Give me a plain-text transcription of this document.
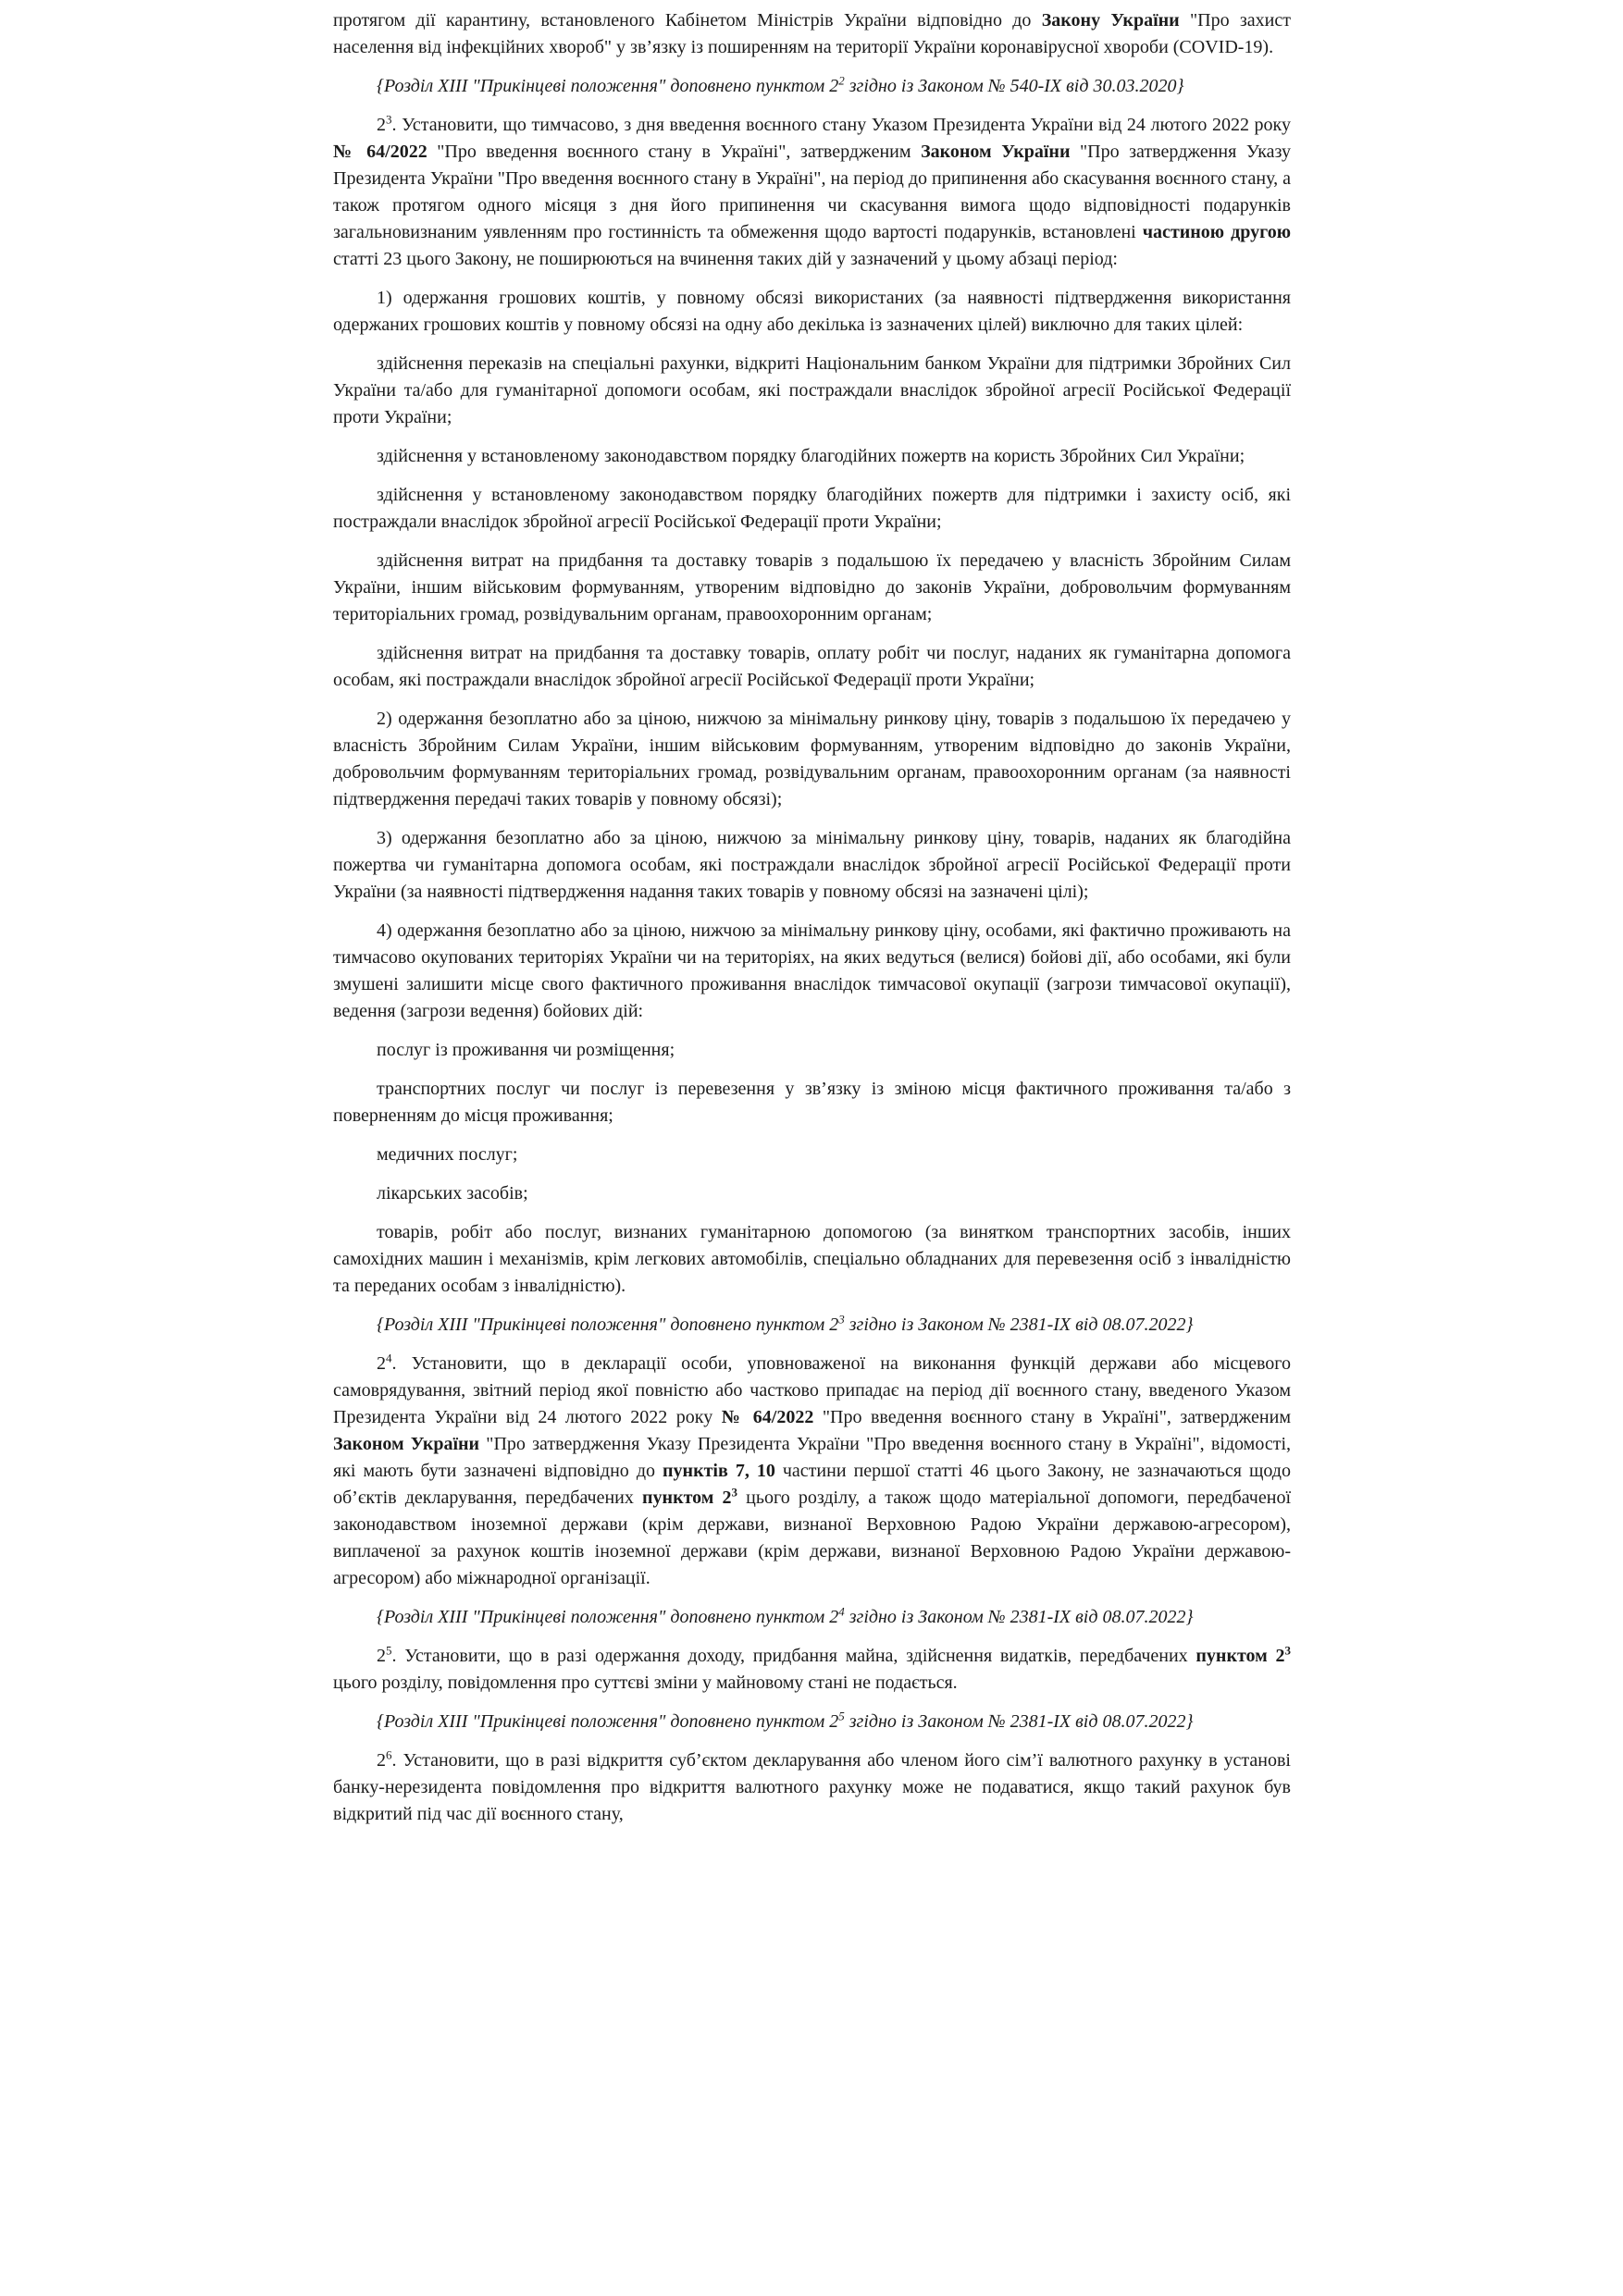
протягом дії карантину, встановленого Кабінетом Міністрів України відповідно до Закону України "Про захист населення від інфекційних хвороб" у зв’язку із поширенням на території України коронавірусної хвороби (COVID-19).

{Розділ XIII "Прикінцеві положення" доповнено пунктом $2^2$ згідно із Законом № 540-IX від 30.03.2020}

$2^3$. Установити, що тимчасово, з дня введення воєнного стану Указом Президента України від 24 лютого 2022 року № 64/2022 "Про введення воєнного стану в Україні", затвердженим Законом України "Про затвердження Указу Президента України "Про введення воєнного стану в Україні", на період до припинення або скасування воєнного стану, а також протягом одного місяця з дня його припинення чи скасування вимога щодо відповідності подарунків загальновизнаним уявленням про гостинність та обмеження щодо вартості подарунків, встановлені частиною другою статті 23 цього Закону, не поширюються на вчинення таких дій у зазначений у цьому абзаці період:

1) одержання грошових коштів, у повному обсязі використаних (за наявності підтвердження використання одержаних грошових коштів у повному обсязі на одну або декілька із зазначених цілей) виключно для таких цілей:

здійснення переказів на спеціальні рахунки, відкриті Національним банком України для підтримки Збройних Сил України та/або для гуманітарної допомоги особам, які постраждали внаслідок збройної агресії Російської Федерації проти України;

здійснення у встановленому законодавством порядку благодійних пожертв на користь Збройних Сил України;

здійснення у встановленому законодавством порядку благодійних пожертв для підтримки і захисту осіб, які постраждали внаслідок збройної агресії Російської Федерації проти України;

здійснення витрат на придбання та доставку товарів з подальшою їх передачею у власність Збройним Силам України, іншим військовим формуванням, утвореним відповідно до законів України, добровольчим формуванням територіальних громад, розвідувальним органам, правоохоронним органам;

здійснення витрат на придбання та доставку товарів, оплату робіт чи послуг, наданих як гуманітарна допомога особам, які постраждали внаслідок збройної агресії Російської Федерації проти України;

2) одержання безоплатно або за ціною, нижчою за мінімальну ринкову ціну, товарів з подальшою їх передачею у власність Збройним Силам України, іншим військовим формуванням, утвореним відповідно до законів України, добровольчим формуванням територіальних громад, розвідувальним органам, правоохоронним органам (за наявності підтвердження передачі таких товарів у повному обсязі);

3) одержання безоплатно або за ціною, нижчою за мінімальну ринкову ціну, товарів, наданих як благодійна пожертва чи гуманітарна допомога особам, які постраждали внаслідок збройної агресії Російської Федерації проти України (за наявності підтвердження надання таких товарів у повному обсязі на зазначені цілі);

4) одержання безоплатно або за ціною, нижчою за мінімальну ринкову ціну, особами, які фактично проживають на тимчасово окупованих територіях України чи на територіях, на яких ведуться (велися) бойові дії, або особами, які були змушені залишити місце свого фактичного проживання внаслідок тимчасової окупації (загрози тимчасової окупації), ведення (загрози ведення) бойових дій:

послуг із проживання чи розміщення;

транспортних послуг чи послуг із перевезення у зв’язку із зміною місця фактичного проживання та/або з поверненням до місця проживання;

медичних послуг;

лікарських засобів;

товарів, робіт або послуг, визнаних гуманітарною допомогою (за винятком транспортних засобів, інших самохідних машин і механізмів, крім легкових автомобілів, спеціально обладнаних для перевезення осіб з інвалідністю та переданих особам з інвалідністю).

{Розділ XIII "Прикінцеві положення" доповнено пунктом $2^3$ згідно із Законом № 2381-IX від 08.07.2022}

$2^4$. Установити, що в декларації особи, уповноваженої на виконання функцій держави або місцевого самоврядування, звітний період якої повністю або частково припадає на період дії воєнного стану, введеного Указом Президента України від 24 лютого 2022 року № 64/2022 "Про введення воєнного стану в Україні", затвердженим Законом України "Про затвердження Указу Президента України "Про введення воєнного стану в Україні", відомості, які мають бути зазначені відповідно до пунктів 7, 10 частини першої статті 46 цього Закону, не зазначаються щодо об’єктів декларування, передбачених пунктом $2^3$ цього розділу, а також щодо матеріальної допомоги, передбаченої законодавством іноземної держави (крім держави, визнаної Верховною Радою України державою-агресором), виплаченої за рахунок коштів іноземної держави (крім держави, визнаної Верховною Радою України державою-агресором) або міжнародної організації.

{Розділ XIII "Прикінцеві положення" доповнено пунктом $2^4$ згідно із Законом № 2381-IX від 08.07.2022}

$2^5$. Установити, що в разі одержання доходу, придбання майна, здійснення видатків, передбачених пунктом $2^3$ цього розділу, повідомлення про суттєві зміни у майновому стані не подається.

{Розділ XIII "Прикінцеві положення" доповнено пунктом $2^5$ згідно із Законом № 2381-IX від 08.07.2022}

$2^6$. Установити, що в разі відкриття суб’єктом декларування або членом його сім’ї валютного рахунку в установі банку-нерезидента повідомлення про відкриття валютного рахунку може не подаватися, якщо такий рахунок був відкритий під час дії воєнного стану,
